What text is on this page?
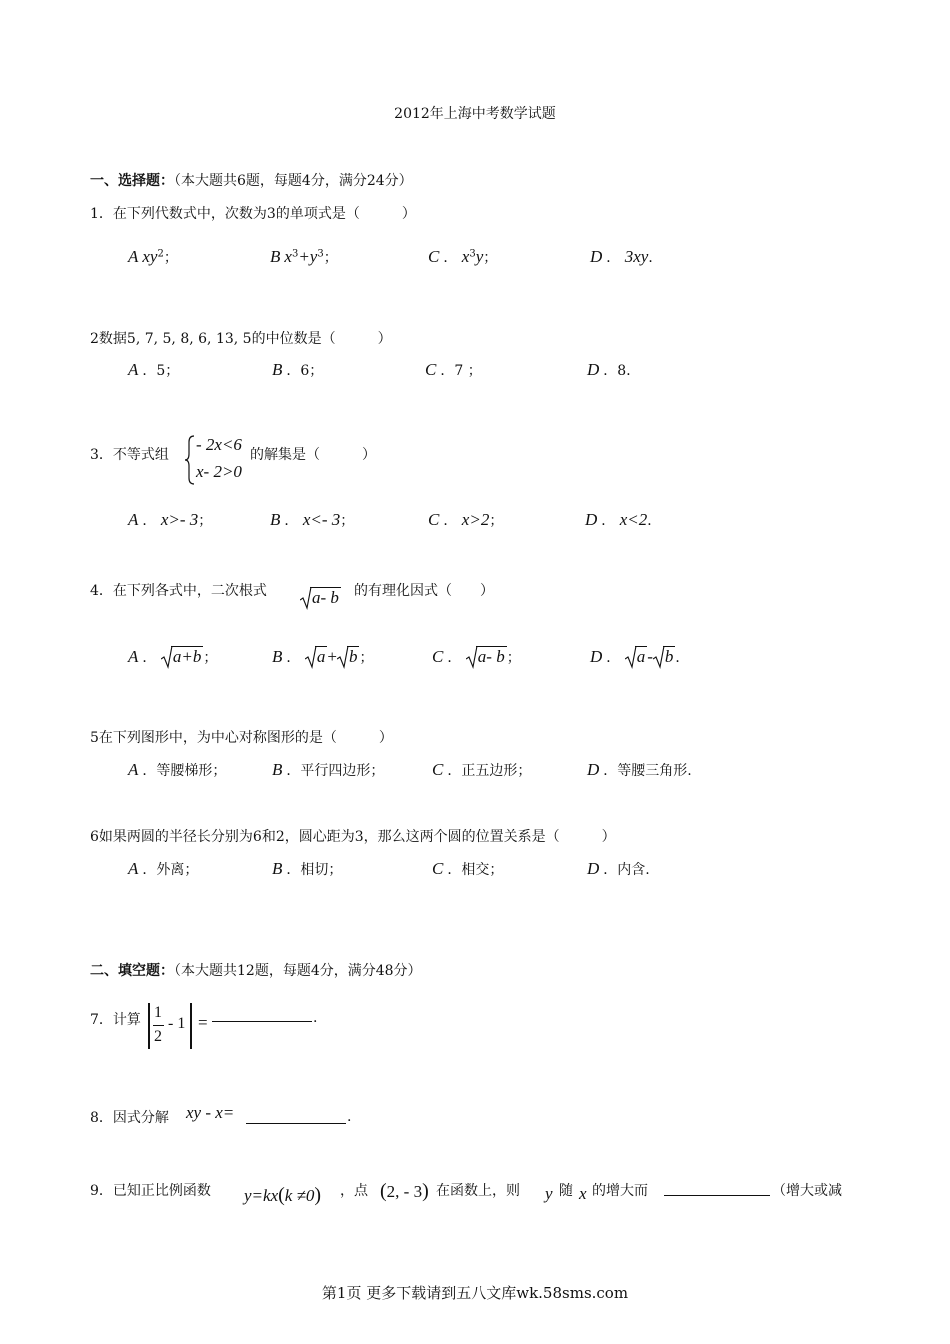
2012年上海中考数学试题
一、选择题：（本大题共6题，每题4分，满分24分）
1．在下列代数式中，次数为3的单项式是（　　　）
A $xy^2$；	B $x^3+y^3$；	C ． $x^3y$；	D ． 3xy．
2数据5, 7, 5, 8, 6, 13, 5的中位数是（　　　）
A ．5；	B ．6；	C ．7 ；	D ．8．
3．不等式组
- 2x<6
x- 2>0
的解集是（　　　）
A ． x>- 3；	B ． x<- 3；	C ． x>2；	D ． x<2．
4．在下列各式中，二次根式	a- b 的有理化因式（　　）
A ． a+b ；	B ． a + b ；	C ． a- b ；	D ． a - b ．
5在下列图形中，为中心对称图形的是（　　　）
A ．等腰梯形；	B ．平行四边形；	C ．正五边形；	D ．等腰三角形.
6如果两圆的半径长分别为6和2，圆心距为3，那么这两个圆的位置关系是（　　　）
A ．外离；	B ．相切；	C ．相交；	D ．内含.
二、填空题：（本大题共12题，每题4分，满分48分）
7．计算 1
2
- 1 =	.
8．因式分解 xy - x=	.
9．已知正比例函数 y=kx(k ≠0) ，点 (2, - 3) 在函数上，则 y 随 x 的增大而	（增大或减
第1页 更多下载请到五八文库wk.58sms.com
